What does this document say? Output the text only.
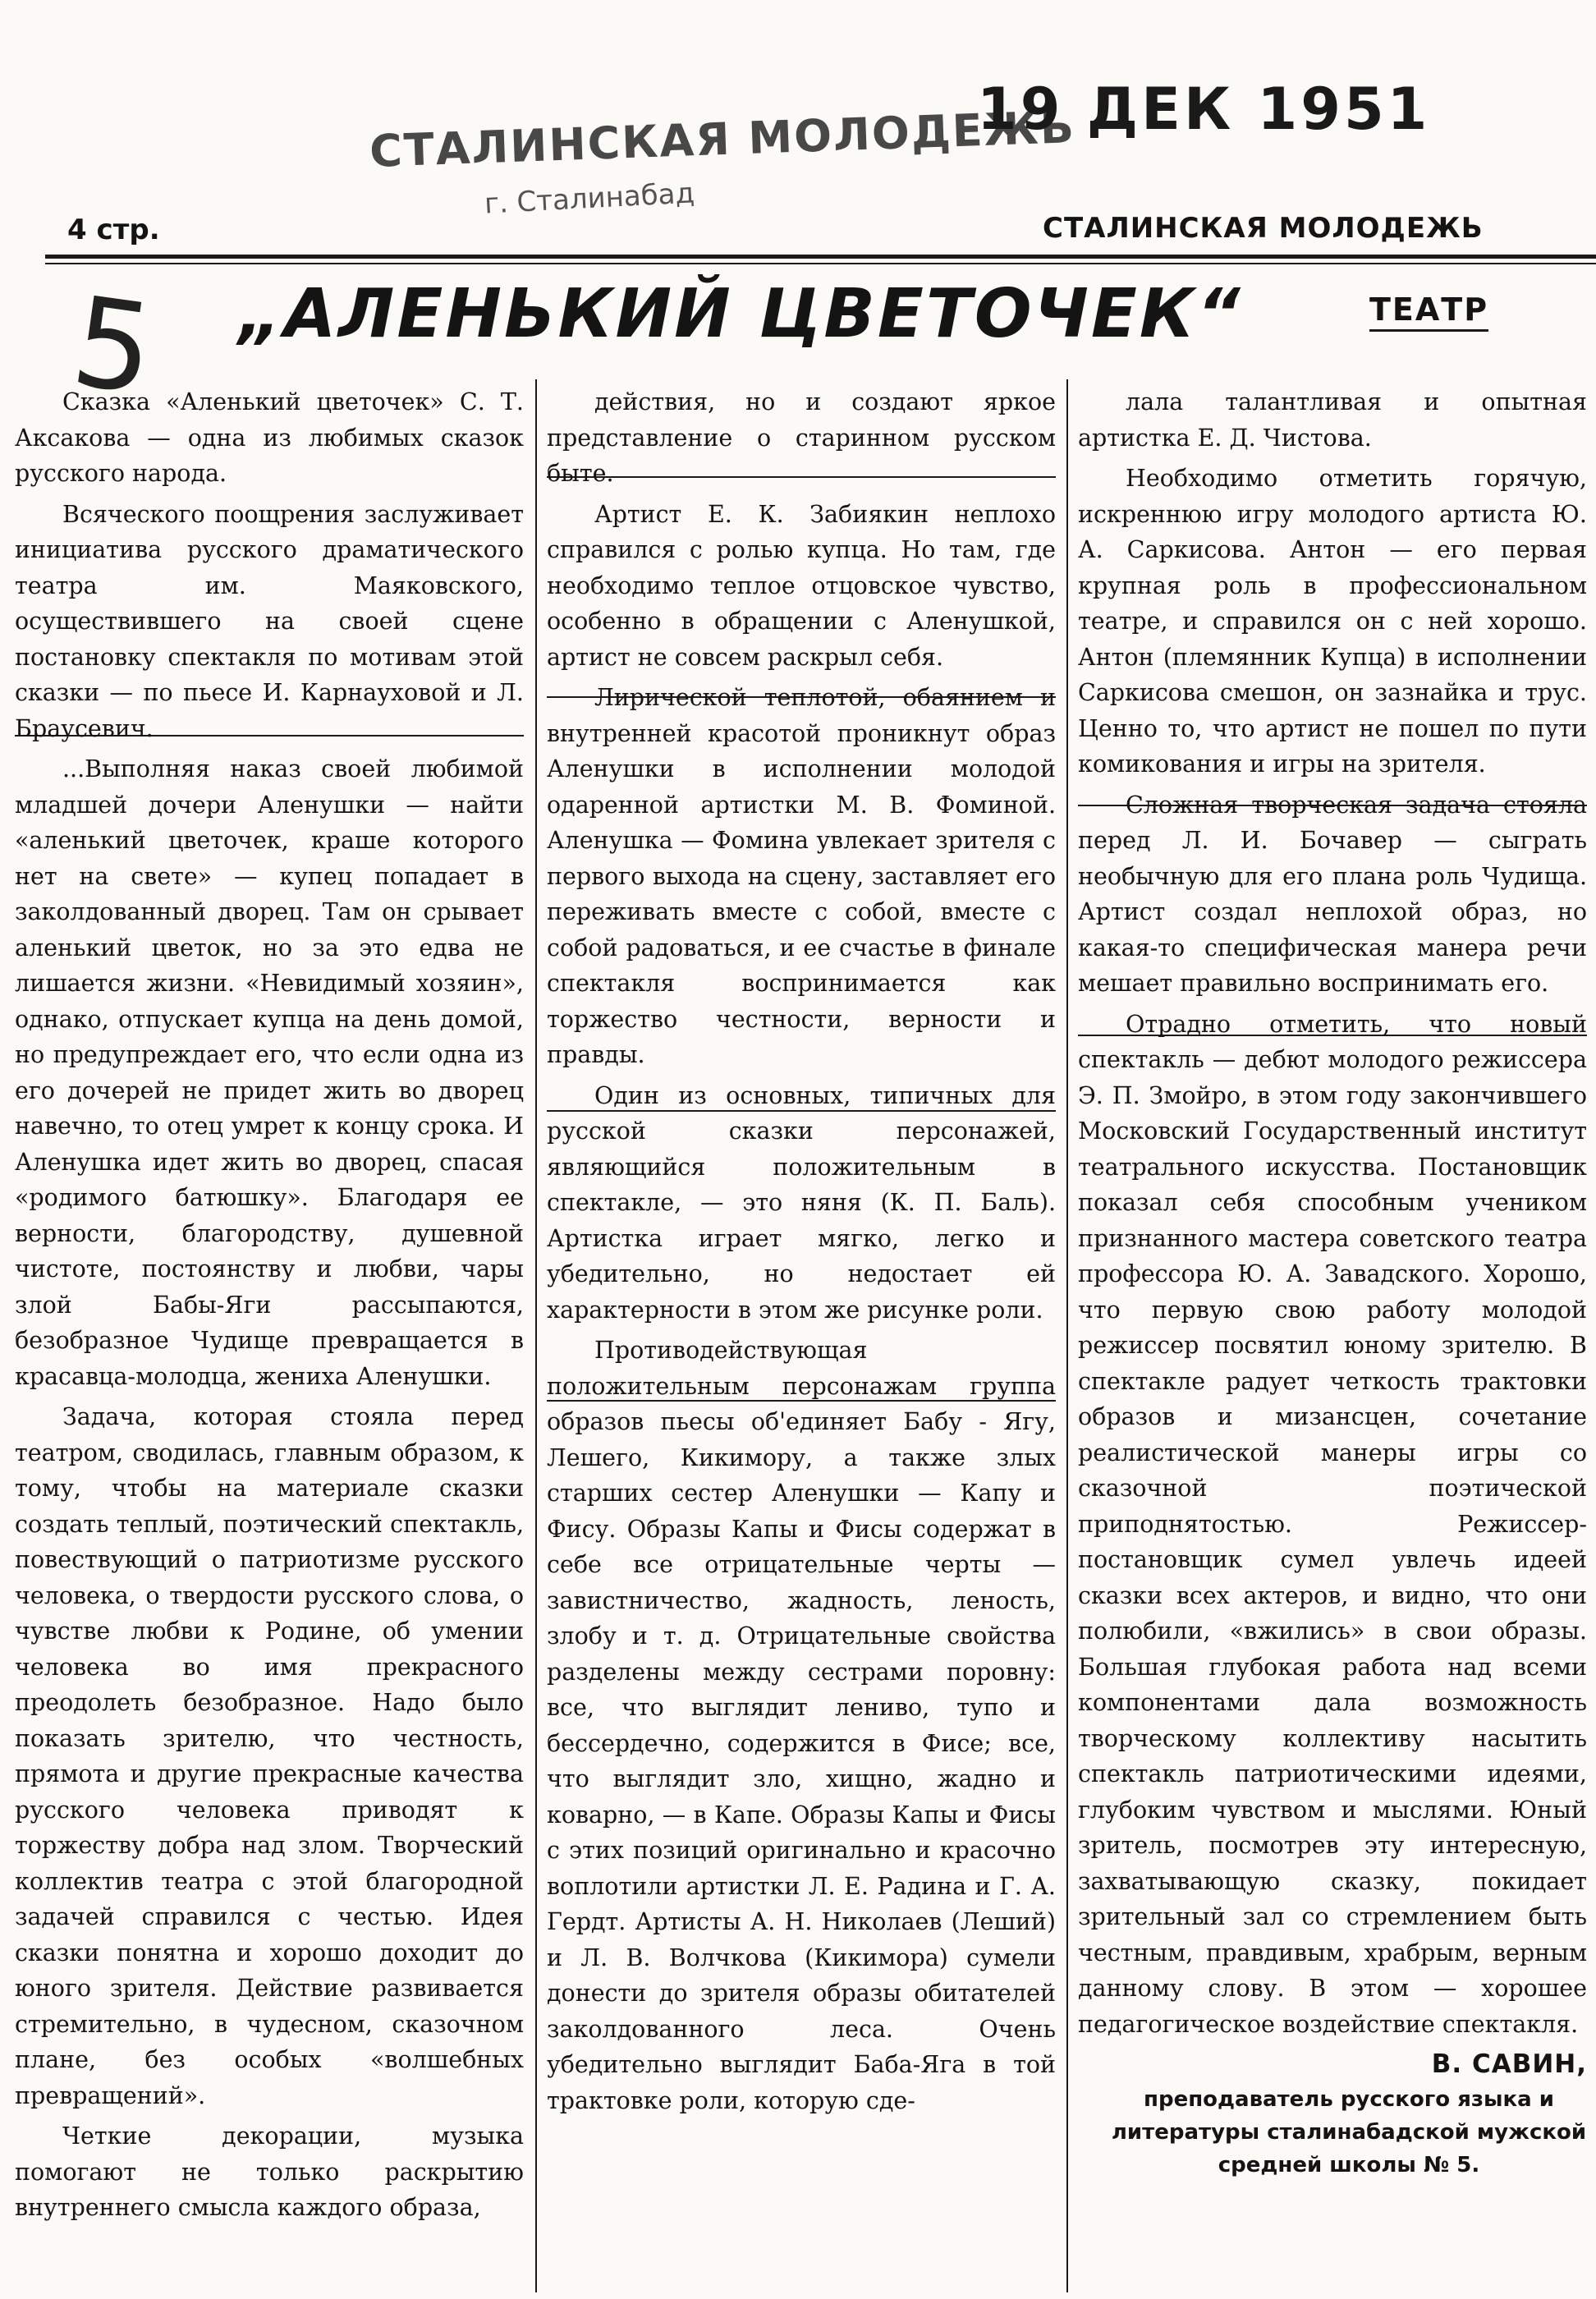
СТАЛИНСКАЯ МОЛОДЕЖЬ
г. Сталинабад
19 ДЕК 1951
4 стр.	СТАЛИНСКАЯ МОЛОДЕЖЬ
5 „АЛЕНЬКИЙ ЦВЕТОЧЕК“	ТЕАТР

Сказка «Аленький цветочек» С. Т. Аксакова — одна из любимых сказок русского народа.

Всяческого поощрения заслуживает инициатива русского драматического театра им. Маяковского, осуществившего на своей сцене постановку спектакля по мотивам этой сказки — по пьесе И. Карнауховой и Л. Браусевич.

...Выполняя наказ своей любимой младшей дочери Аленушки — найти «аленький цветочек, краше которого нет на свете» — купец попадает в заколдованный дворец. Там он срывает аленький цветок, но за это едва не лишается жизни. «Невидимый хозяин», однако, отпускает купца на день домой, но предупреждает его, что если одна из его дочерей не придет жить во дворец навечно, то отец умрет к концу срока. И Аленушка идет жить во дворец, спасая «родимого батюшку». Благодаря ее верности, благородству, душевной чистоте, постоянству и любви, чары злой Бабы-Яги рассыпаются, безобразное Чудище превращается в красавца-молодца, жениха Аленушки.

Задача, которая стояла перед театром, сводилась, главным образом, к тому, чтобы на материале сказки создать теплый, поэтический спектакль, повествующий о патриотизме русского человека, о твердости русского слова, о чувстве любви к Родине, об умении человека во имя прекрасного преодолеть безобразное. Надо было показать зрителю, что честность, прямота и другие прекрасные качества русского человека приводят к торжеству добра над злом. Творческий коллектив театра с этой благородной задачей справился с честью. Идея сказки понятна и хорошо доходит до юного зрителя. Действие развивается стремительно, в чудесном, сказочном плане, без особых «волшебных превращений».

Четкие декорации, музыка помогают не только раскрытию внутреннего смысла каждого образа,

действия, но и создают яркое представление о старинном русском быте.

Артист Е. К. Забиякин неплохо справился с ролью купца. Но там, где необходимо теплое отцовское чувство, особенно в обращении с Аленушкой, артист не совсем раскрыл себя.

Лирической теплотой, обаянием и внутренней красотой проникнут образ Аленушки в исполнении молодой одаренной артистки М. В. Фоминой. Аленушка — Фомина увлекает зрителя с первого выхода на сцену, заставляет его переживать вместе с собой, вместе с собой радоваться, и ее счастье в финале спектакля воспринимается как торжество честности, верности и правды.

Один из основных, типичных для русской сказки персонажей, являющийся положительным в спектакле, — это няня (К. П. Баль). Артистка играет мягко, легко и убедительно, но недостает ей характерности в этом же рисунке роли.

Противодействующая положительным персонажам группа образов пьесы об'единяет Бабу - Ягу, Лешего, Кикимору, а также злых старших сестер Аленушки — Капу и Фису. Образы Капы и Фисы содержат в себе все отрицательные черты — завистничество, жадность, леность, злобу и т. д. Отрицательные свойства разделены между сестрами поровну: все, что выглядит лениво, тупо и бессердечно, содержится в Фисе; все, что выглядит зло, хищно, жадно и коварно, — в Капе. Образы Капы и Фисы с этих позиций оригинально и красочно воплотили артистки Л. Е. Радина и Г. А. Гердт. Артисты А. Н. Николаев (Леший) и Л. В. Волчкова (Кикимора) сумели донести до зрителя образы обитателей заколдованного леса. Очень убедительно выглядит Баба-Яга в той трактовке роли, которую сде-

лала талантливая и опытная артистка Е. Д. Чистова.

Необходимо отметить горячую, искреннюю игру молодого артиста Ю. А. Саркисова. Антон — его первая крупная роль в профессиональном театре, и справился он с ней хорошо. Антон (племянник Купца) в исполнении Саркисова смешон, он зазнайка и трус. Ценно то, что артист не пошел по пути комикования и игры на зрителя.

Сложная творческая задача стояла перед Л. И. Бочавер — сыграть необычную для его плана роль Чудища. Артист создал неплохой образ, но какая-то специфическая манера речи мешает правильно воспринимать его.

Отрадно отметить, что новый спектакль — дебют молодого режиссера Э. П. Змойро, в этом году закончившего Московский Государственный институт театрального искусства. Постановщик показал себя способным учеником признанного мастера советского театра профессора Ю. А. Завадского. Хорошо, что первую свою работу молодой режиссер посвятил юному зрителю. В спектакле радует четкость трактовки образов и мизансцен, сочетание реалистической манеры игры со сказочной поэтической приподнятостью. Режиссер-постановщик сумел увлечь идеей сказки всех актеров, и видно, что они полюбили, «вжились» в свои образы. Большая глубокая работа над всеми компонентами дала возможность творческому коллективу насытить спектакль патриотическими идеями, глубоким чувством и мыслями. Юный зритель, посмотрев эту интересную, захватывающую сказку, покидает зрительный зал со стремлением быть честным, правдивым, храбрым, верным данному слову. В этом — хорошее педагогическое воздействие спектакля.

В. САВИН,
преподаватель русского языка и литературы сталинабадской мужской средней школы № 5.
